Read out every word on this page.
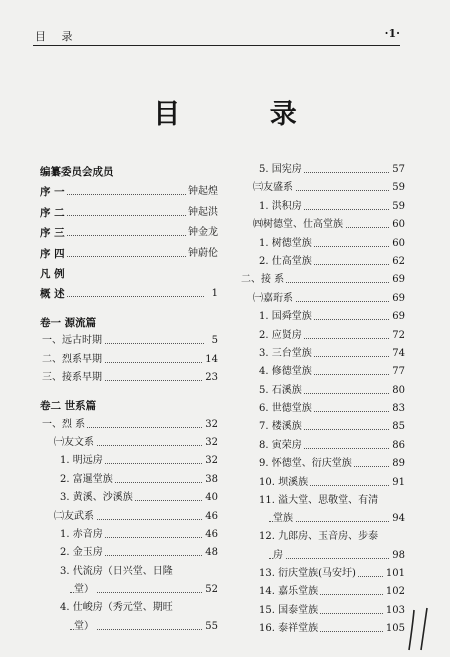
目 录	·1·
目 录
编纂委员会成员
序 一	钟起煌
序 二	钟起洪
序 三	钟金龙
序 四	钟蔚伦
凡 例
概 述	1
卷一 源流篇
一、远古时期	5
二、烈系早期	14
三、接系早期	23
卷二 世系篇
一、烈 系	32
㈠友文系	32
1. 明远房	32
2. 富暹堂族	38
3. 黄溪、沙溪族	40
㈡友武系	46
1. 赤音房	46
2. 金玉房	48
3. 代流房（日兴堂、日隆
堂）	52
4. 仕峻房（秀元堂、期旺
堂）	55
5. 国宪房	57
㈢友盛系	59
1. 洪积房	59
㈣树德堂、仕高堂族	60
1. 树德堂族	60
2. 仕高堂族	62
二、接 系	69
㈠嘉珩系	69
1. 国舜堂族	69
2. 应贤房	72
3. 三台堂族	74
4. 修德堂族	77
5. 石溪族	80
6. 世德堂族	83
7. 楼溪族	85
8. 寅荣房	86
9. 怀德堂、衍庆堂族	89
10. 坝溪族	91
11. 溢大堂、思敬堂、有清
堂族	94
12. 九郎房、玉音房、步泰
房	98
13. 衍庆堂族(马安圩)	101
14. 嘉乐堂族	102
15. 国泰堂族	103
16. 泰祥堂族	105
